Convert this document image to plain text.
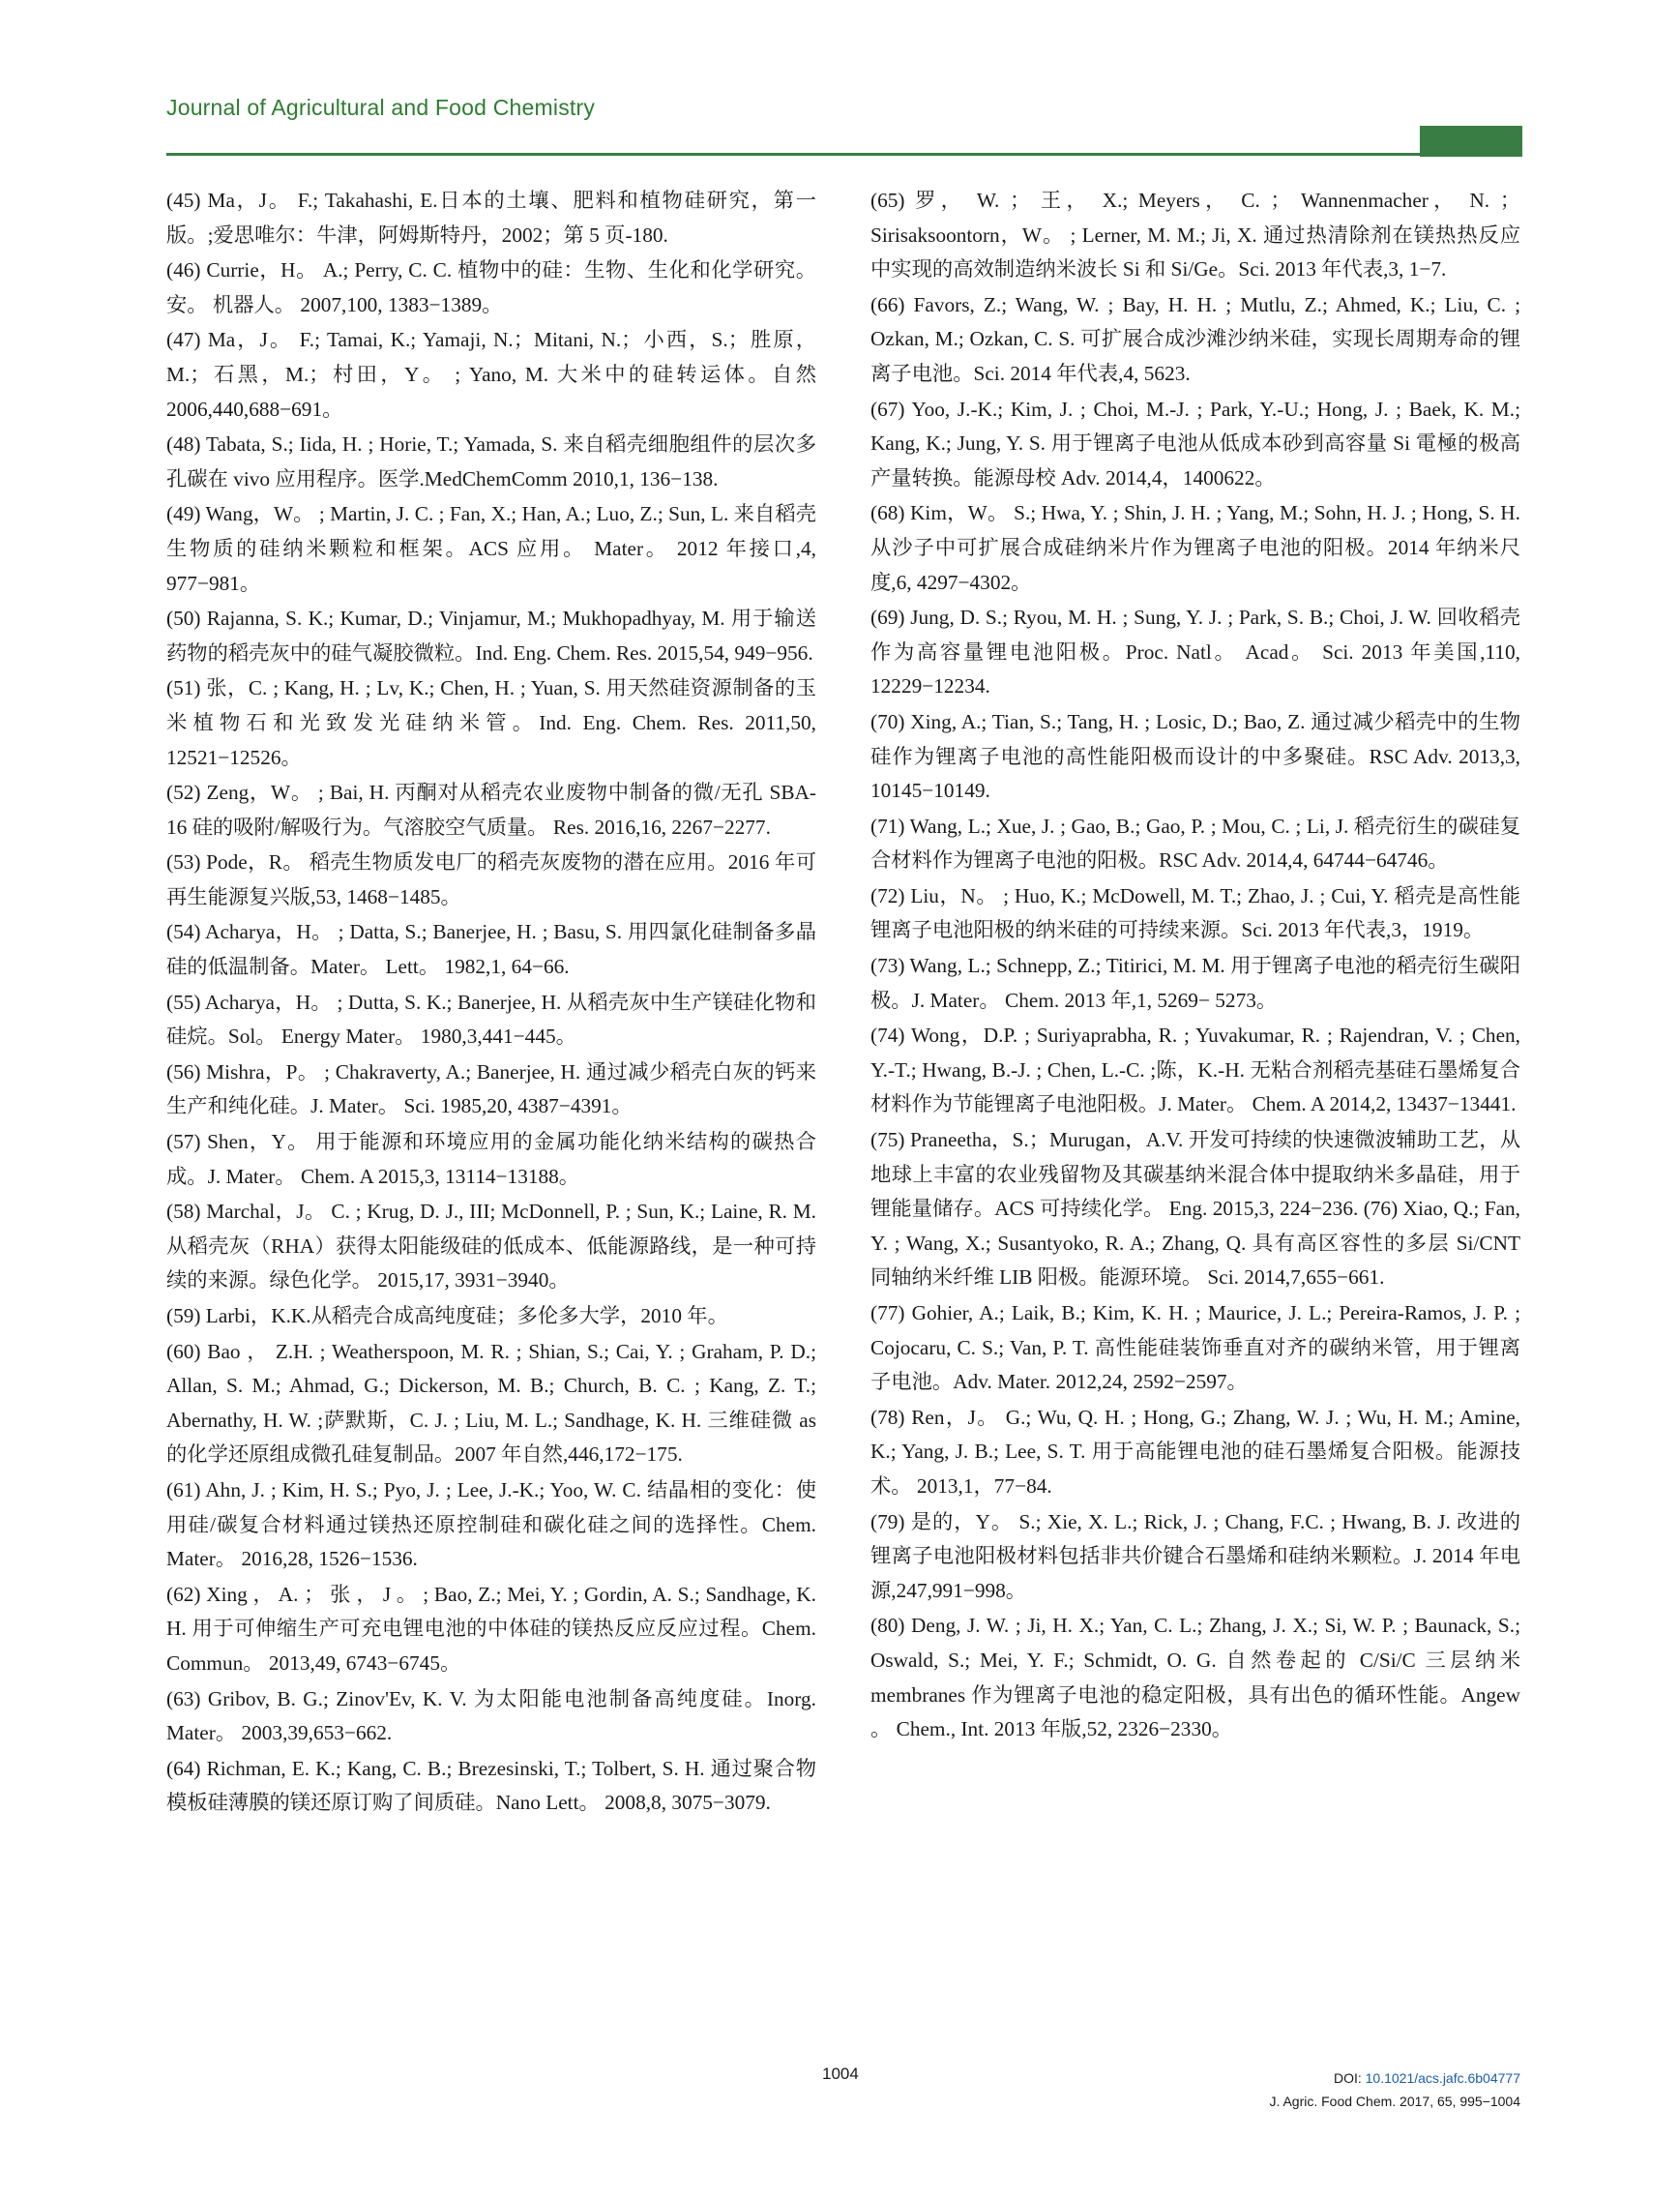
Journal of Agricultural and Food Chemistry
(45) Ma，J。 F.; Takahashi, E.日本的土壤、肥料和植物硅研究，第一版。;爱思唯尔：牛津，阿姆斯特丹，2002；第 5 页-180.
(46) Currie，H。 A.; Perry, C. C. 植物中的硅：生物、生化和化学研究。安。 机器人。 2007,100, 1383−1389。
(47) Ma，J。 F.; Tamai, K.; Yamaji, N.；Mitani, N.；小西，S.；胜原，M.；石黑，M.；村田，Y。 ; Yano, M. 大米中的硅转运体。自然 2006,440,688−691。
(48) Tabata, S.; Iida, H. ; Horie, T.; Yamada, S. 来自稻壳细胞组件的层次多孔碳在 vivo 应用程序。医学.MedChemComm 2010,1, 136−138.
(49) Wang，W。 ; Martin, J. C. ; Fan, X.; Han, A.; Luo, Z.; Sun, L. 来自稻壳生物质的硅纳米颗粒和框架。ACS 应用。 Mater。 2012 年接口,4, 977−981。
(50) Rajanna, S. K.; Kumar, D.; Vinjamur, M.; Mukhopadhyay, M. 用于输送药物的稻壳灰中的硅气凝胶微粒。Ind. Eng. Chem. Res. 2015,54, 949−956.
(51) 张，C. ; Kang, H. ; Lv, K.; Chen, H. ; Yuan, S. 用天然硅资源制备的玉米植物石和光致发光硅纳米管。Ind. Eng. Chem. Res. 2011,50, 12521−12526。
(52) Zeng，W。 ; Bai, H. 丙酮对从稻壳农业废物中制备的微/无孔 SBA-16 硅的吸附/解吸行为。气溶胶空气质量。 Res. 2016,16, 2267−2277.
(53) Pode，R。 稻壳生物质发电厂的稻壳灰废物的潜在应用。2016 年可再生能源复兴版,53, 1468−1485。
(54) Acharya，H。 ; Datta, S.; Banerjee, H. ; Basu, S. 用四氯化硅制备多晶硅的低温制备。Mater。 Lett。 1982,1, 64−66.
(55) Acharya，H。 ; Dutta, S. K.; Banerjee, H. 从稻壳灰中生产镁硅化物和硅烷。Sol。 Energy Mater。 1980,3,441−445。
(56) Mishra，P。 ; Chakraverty, A.; Banerjee, H. 通过减少稻壳白灰的钙来生产和纯化硅。J. Mater。 Sci. 1985,20, 4387−4391。
(57) Shen，Y。 用于能源和环境应用的金属功能化纳米结构的碳热合成。J. Mater。 Chem. A 2015,3, 13114−13188。
(58) Marchal，J。 C. ; Krug, D. J., III; McDonnell, P. ; Sun, K.; Laine, R. M. 从稻壳灰（RHA）获得太阳能级硅的低成本、低能源路线，是一种可持续的来源。绿色化学。 2015,17, 3931−3940。
(59) Larbi，K.K.从稻壳合成高纯度硅；多伦多大学，2010 年。
(60) Bao ， Z.H. ; Weatherspoon, M. R. ; Shian, S.; Cai, Y. ; Graham, P. D.; Allan, S. M.; Ahmad, G.; Dickerson, M. B.; Church, B. C. ; Kang, Z. T.; Abernathy, H. W. ;萨默斯，C. J. ; Liu, M. L.; Sandhage, K. H. 三维硅微 as 的化学还原组成微孔硅复制品。2007 年自然,446,172−175.
(61) Ahn, J. ; Kim, H. S.; Pyo, J. ; Lee, J.-K.; Yoo, W. C. 结晶相的变化：使用硅/碳复合材料通过镁热还原控制硅和碳化硅之间的选择性。Chem. Mater。 2016,28, 1526−1536.
(62) Xing ， A. ； 张 ， J 。 ; Bao, Z.; Mei, Y. ; Gordin, A. S.; Sandhage, K. H. 用于可伸缩生产可充电锂电池的中体硅的镁热反应反应过程。Chem. Commun。 2013,49, 6743−6745。
(63) Gribov, B. G.; Zinov'Ev, K. V. 为太阳能电池制备高纯度硅。Inorg. Mater。 2003,39,653−662.
(64) Richman, E. K.; Kang, C. B.; Brezesinski, T.; Tolbert, S. H. 通过聚合物模板硅薄膜的镁还原订购了间质硅。Nano Lett。 2008,8, 3075−3079.
(65) 罗， W. ； 王， X.; Meyers， C. ； Wannenmacher， N. ；Sirisaksoontorn，W。 ; Lerner, M. M.; Ji, X. 通过热清除剂在镁热热反应中实现的高效制造纳米波长 Si 和 Si/Ge。Sci. 2013 年代表,3, 1−7.
(66) Favors, Z.; Wang, W. ; Bay, H. H. ; Mutlu, Z.; Ahmed, K.; Liu, C. ; Ozkan, M.; Ozkan, C. S. 可扩展合成沙滩沙纳米硅，实现长周期寿命的锂离子电池。Sci. 2014 年代表,4, 5623.
(67) Yoo, J.-K.; Kim, J. ; Choi, M.-J. ; Park, Y.-U.; Hong, J. ; Baek, K. M.; Kang, K.; Jung, Y. S. 用于锂离子电池从低成本砂到高容量 Si 電極的极高产量转换。能源母校 Adv. 2014,4，1400622。
(68) Kim，W。 S.; Hwa, Y. ; Shin, J. H. ; Yang, M.; Sohn, H. J. ; Hong, S. H. 从沙子中可扩展合成硅纳米片作为锂离子电池的阳极。2014 年纳米尺度,6, 4297−4302。
(69) Jung, D. S.; Ryou, M. H. ; Sung, Y. J. ; Park, S. B.; Choi, J. W. 回收稻壳作为高容量锂电池阳极。Proc. Natl。 Acad。 Sci. 2013 年美国,110, 12229−12234.
(70) Xing, A.; Tian, S.; Tang, H. ; Losic, D.; Bao, Z. 通过减少稻壳中的生物硅作为锂离子电池的高性能阳极而设计的中多聚硅。RSC Adv. 2013,3, 10145−10149.
(71) Wang, L.; Xue, J. ; Gao, B.; Gao, P. ; Mou, C. ; Li, J. 稻壳衍生的碳硅复合材料作为锂离子电池的阳极。RSC Adv. 2014,4, 64744−64746。
(72) Liu，N。 ; Huo, K.; McDowell, M. T.; Zhao, J. ; Cui, Y. 稻壳是高性能锂离子电池阳极的纳米硅的可持续来源。Sci. 2013 年代表,3，1919。
(73) Wang, L.; Schnepp, Z.; Titirici, M. M. 用于锂离子电池的稻壳衍生碳阳极。J. Mater。 Chem. 2013 年,1, 5269− 5273。
(74) Wong，D.P. ; Suriyaprabha, R. ; Yuvakumar, R. ; Rajendran, V. ; Chen, Y.-T.; Hwang, B.-J. ; Chen, L.-C. ;陈，K.-H. 无粘合剂稻壳基硅石墨烯复合材料作为节能锂离子电池阳极。J. Mater。 Chem. A 2014,2, 13437−13441.
(75) Praneetha，S.；Murugan，A.V. 开发可持续的快速微波辅助工艺，从地球上丰富的农业残留物及其碳基纳米混合体中提取纳米多晶硅，用于锂能量储存。ACS 可持续化学。 Eng. 2015,3, 224−236. (76) Xiao, Q.; Fan, Y. ; Wang, X.; Susantyoko, R. A.; Zhang, Q. 具有高区容性的多层 Si/CNT 同轴纳米纤维 LIB 阳极。能源环境。 Sci. 2014,7,655−661.
(77) Gohier, A.; Laik, B.; Kim, K. H. ; Maurice, J. L.; Pereira-Ramos, J. P. ; Cojocaru, C. S.; Van, P. T. 高性能硅装饰垂直对齐的碳纳米管，用于锂离子电池。Adv. Mater. 2012,24, 2592−2597。
(78) Ren，J。 G.; Wu, Q. H. ; Hong, G.; Zhang, W. J. ; Wu, H. M.; Amine, K.; Yang, J. B.; Lee, S. T. 用于高能锂电池的硅石墨烯复合阳极。能源技术。 2013,1，77−84.
(79) 是的，Y。 S.; Xie, X. L.; Rick, J. ; Chang, F.C. ; Hwang, B. J. 改进的锂离子电池阳极材料包括非共价键合石墨烯和硅纳米颗粒。J. 2014 年电源,247,991−998。
(80) Deng, J. W. ; Ji, H. X.; Yan, C. L.; Zhang, J. X.; Si, W. P. ; Baunack, S.; Oswald, S.; Mei, Y. F.; Schmidt, O. G. 自然卷起的 C/Si/C 三层纳米 membranes 作为锂离子电池的稳定阳极，具有出色的循环性能。Angew 。 Chem., Int. 2013 年版,52, 2326−2330。
1004	DOI: 10.1021/acs.jafc.6b04777
J. Agric. Food Chem. 2017, 65, 995−1004
